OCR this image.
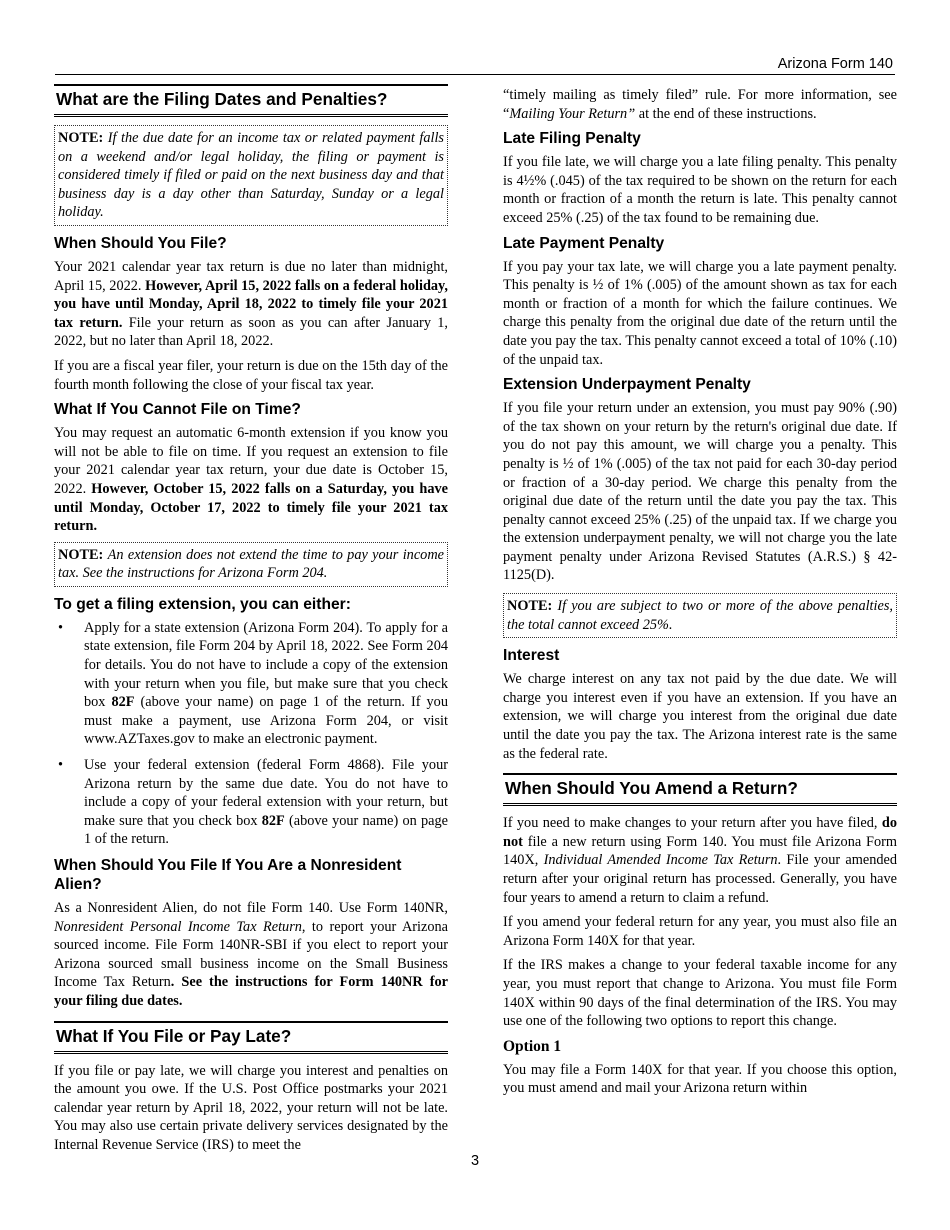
Arizona Form 140
What are the Filing Dates and Penalties?
NOTE: If the due date for an income tax or related payment falls on a weekend and/or legal holiday, the filing or payment is considered timely if filed or paid on the next business day and that business day is a day other than Saturday, Sunday or a legal holiday.
When Should You File?

Your 2021 calendar year tax return is due no later than midnight, April 15, 2022. However, April 15, 2022 falls on a federal holiday, you have until Monday, April 18, 2022 to timely file your 2021 tax return. File your return as soon as you can after January 1, 2022, but no later than April 18, 2022.

If you are a fiscal year filer, your return is due on the 15th day of the fourth month following the close of your fiscal tax year.

What If You Cannot File on Time?

You may request an automatic 6-month extension if you know you will not be able to file on time. If you request an extension to file your 2021 calendar year tax return, your due date is October 15, 2022. However, October 15, 2022 falls on a Saturday, you have until Monday, October 17, 2022 to timely file your 2021 tax return.

NOTE: An extension does not extend the time to pay your income tax. See the instructions for Arizona Form 204.
To get a filing extension, you can either:
• Apply for a state extension (Arizona Form 204). To apply for a state extension, file Form 204 by April 18, 2022. See Form 204 for details. You do not have to include a copy of the extension with your return when you file, but make sure that you check box 82F (above your name) on page 1 of the return. If you must make a payment, use Arizona Form 204, or visit www.AZTaxes.gov to make an electronic payment.
• Use your federal extension (federal Form 4868). File your Arizona return by the same due date. You do not have to include a copy of your federal extension with your return, but make sure that you check box 82F (above your name) on page 1 of the return.
When Should You File If You Are a Nonresident Alien?

As a Nonresident Alien, do not file Form 140. Use Form 140NR, Nonresident Personal Income Tax Return, to report your Arizona sourced income. File Form 140NR-SBI if you elect to report your Arizona sourced small business income on the Small Business Income Tax Return. See the instructions for Form 140NR for your filing due dates.

What If You File or Pay Late?

If you file or pay late, we will charge you interest and penalties on the amount you owe. If the U.S. Post Office postmarks your 2021 calendar year return by April 18, 2022, your return will not be late. You may also use certain private delivery services designated by the Internal Revenue Service (IRS) to meet the

“timely mailing as timely filed” rule. For more information, see “Mailing Your Return” at the end of these instructions.

Late Filing Penalty

If you file late, we will charge you a late filing penalty. This penalty is 4½% (.045) of the tax required to be shown on the return for each month or fraction of a month the return is late. This penalty cannot exceed 25% (.25) of the tax found to be remaining due.

Late Payment Penalty

If you pay your tax late, we will charge you a late payment penalty. This penalty is ½ of 1% (.005) of the amount shown as tax for each month or fraction of a month for which the failure continues. We charge this penalty from the original due date of the return until the date you pay the tax. This penalty cannot exceed a total of 10% (.10) of the unpaid tax.

Extension Underpayment Penalty

If you file your return under an extension, you must pay 90% (.90) of the tax shown on your return by the return's original due date. If you do not pay this amount, we will charge you a penalty. This penalty is ½ of 1% (.005) of the tax not paid for each 30-day period or fraction of a 30-day period. We charge this penalty from the original due date of the return until the date you pay the tax. This penalty cannot exceed 25% (.25) of the unpaid tax. If we charge you the extension underpayment penalty, we will not charge you the late payment penalty under Arizona Revised Statutes (A.R.S.) § 42-1125(D).

NOTE: If you are subject to two or more of the above penalties, the total cannot exceed 25%.
Interest

We charge interest on any tax not paid by the due date. We will charge you interest even if you have an extension. If you have an extension, we will charge you interest from the original due date until the date you pay the tax. The Arizona interest rate is the same as the federal rate.

When Should You Amend a Return?

If you need to make changes to your return after you have filed, do not file a new return using Form 140. You must file Arizona Form 140X, Individual Amended Income Tax Return. File your amended return after your original return has processed. Generally, you have four years to amend a return to claim a refund.

If you amend your federal return for any year, you must also file an Arizona Form 140X for that year.

If the IRS makes a change to your federal taxable income for any year, you must report that change to Arizona. You must file Form 140X within 90 days of the final determination of the IRS. You may use one of the following two options to report this change.

Option 1

You may file a Form 140X for that year. If you choose this option, you must amend and mail your Arizona return within

3
